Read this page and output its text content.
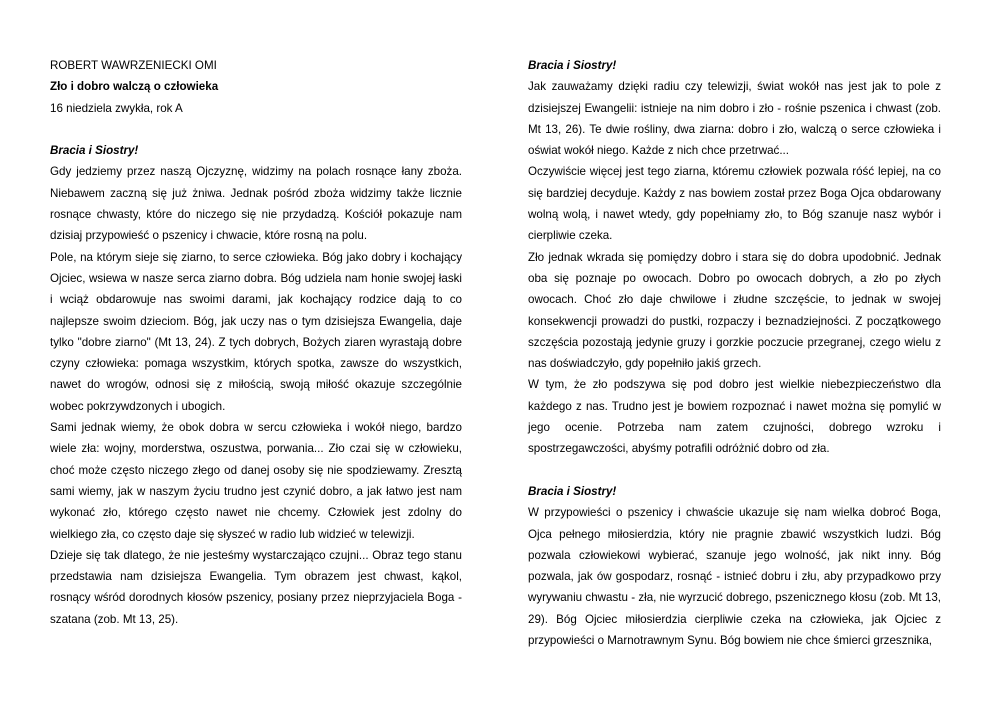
ROBERT WAWRZENIECKI OMI

Zło i dobro walczą o człowieka

16 niedziela zwykła, rok A

Bracia i Siostry!

Gdy jedziemy przez naszą Ojczyznę, widzimy na polach rosnące łany zboża. Niebawem zaczną się już żniwa. Jednak pośród zboża widzimy także licznie rosnące chwasty, które do niczego się nie przydadzą. Kościół pokazuje nam dzisiaj przypowieść o pszenicy i chwacie, które rosną na polu.

Pole, na którym sieje się ziarno, to serce człowieka. Bóg jako dobry i kochający Ojciec, wsiewa w nasze serca ziarno dobra. Bóg udziela nam honie swojej łaski i wciąż obdarowuje nas swoimi darami, jak kochający rodzice dają to co najlepsze swoim dzieciom. Bóg, jak uczy nas o tym dzisiejsza Ewangelia, daje tylko "dobre ziarno" (Mt 13, 24). Z tych dobrych, Bożych ziaren wyrastają dobre czyny człowieka: pomaga wszystkim, których spotka, zawsze do wszystkich, nawet do wrogów, odnosi się z miłością, swoją miłość okazuje szczególnie wobec pokrzywdzonych i ubogich.

Sami jednak wiemy, że obok dobra w sercu człowieka i wokół niego, bardzo wiele zła: wojny, morderstwa, oszustwa, porwania... Zło czai się w człowieku, choć może często niczego złego od danej osoby się nie spodziewamy. Zresztą sami wiemy, jak w naszym życiu trudno jest czynić dobro, a jak łatwo jest nam wykonać zło, którego często nawet nie chcemy. Człowiek jest zdolny do wielkiego zła, co często daje się słyszeć w radio lub widzieć w telewizji.

Dzieje się tak dlatego, że nie jesteśmy wystarczająco czujni... Obraz tego stanu przedstawia nam dzisiejsza Ewangelia. Tym obrazem jest chwast, kąkol, rosnący wśród dorodnych kłosów pszenicy, posiany przez nieprzyjaciela Boga - szatana (zob. Mt 13, 25).

Bracia i Siostry!

Jak zauważamy dzięki radiu czy telewizji, świat wokół nas jest jak to pole z dzisiejszej Ewangelii: istnieje na nim dobro i zło - rośnie pszenica i chwast (zob. Mt 13, 26). Te dwie rośliny, dwa ziarna: dobro i zło, walczą o serce człowieka i oświat wokół niego. Każde z nich chce przetrwać...

Oczywiście więcej jest tego ziarna, któremu człowiek pozwala róść lepiej, na co się bardziej decyduje. Każdy z nas bowiem został przez Boga Ojca obdarowany wolną wolą, i nawet wtedy, gdy popełniamy zło, to Bóg szanuje nasz wybór i cierpliwie czeka.

Zło jednak wkrada się pomiędzy dobro i stara się do dobra upodobnić. Jednak oba się poznaje po owocach. Dobro po owocach dobrych, a zło po złych owocach. Choć zło daje chwilowe i złudne szczęście, to jednak w swojej konsekwencji prowadzi do pustki, rozpaczy i beznadziejności. Z początkowego szczęścia pozostają jedynie gruzy i gorzkie poczucie przegranej, czego wielu z nas doświadczyło, gdy popełniło jakiś grzech.

W tym, że zło podszywa się pod dobro jest wielkie niebezpieczeństwo dla każdego z nas. Trudno jest je bowiem rozpoznać i nawet można się pomylić w jego ocenie. Potrzeba nam zatem czujności, dobrego wzroku i spostrzegawczości, abyśmy potrafili odróżnić dobro od zła.

Bracia i Siostry!

W przypowieści o pszenicy i chwaście ukazuje się nam wielka dobroć Boga, Ojca pełnego miłosierdzia, który nie pragnie zbawić wszystkich ludzi. Bóg pozwala człowiekowi wybierać, szanuje jego wolność, jak nikt inny. Bóg pozwala, jak ów gospodarz, rosnąć - istnieć dobru i złu, aby przypadkowo przy wyrywaniu chwastu - zła, nie wyrzucić dobrego, pszenicznego kłosu (zob. Mt 13, 29). Bóg Ojciec miłosierdzia cierpliwie czeka na człowieka, jak Ojciec z przypowieści o Marnotrawnym Synu. Bóg bowiem nie chce śmierci grzesznika,
